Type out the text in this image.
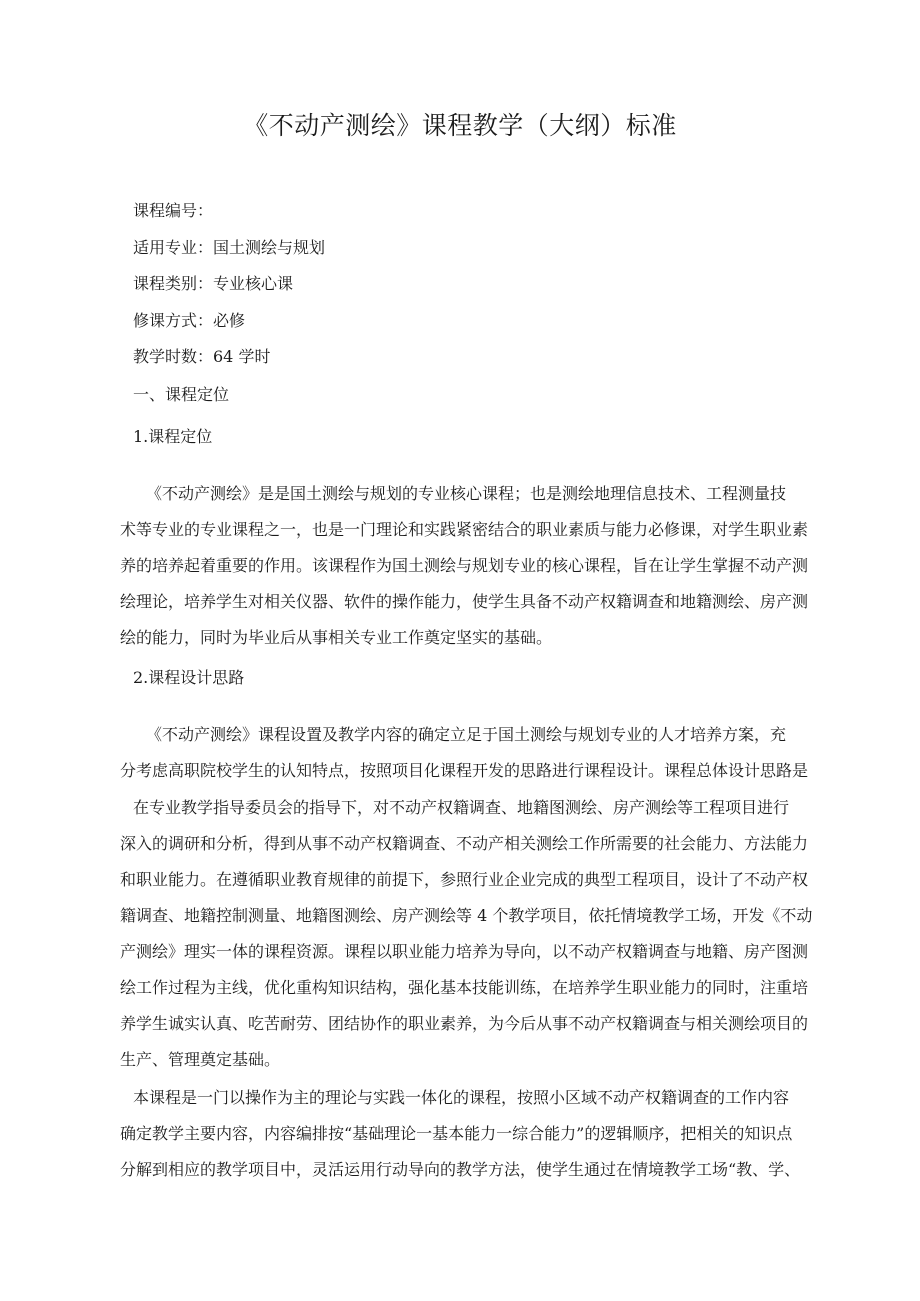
《不动产测绘》课程教学（大纲）标准
课程编号：
适用专业：国土测绘与规划
课程类别：专业核心课
修课方式：必修
教学时数：64 学时
一、课程定位
1.课程定位
《不动产测绘》是是国土测绘与规划的专业核心课程；也是测绘地理信息技术、工程测量技
术等专业的专业课程之一，也是一门理论和实践紧密结合的职业素质与能力必修课，对学生职业素
养的培养起着重要的作用。该课程作为国土测绘与规划专业的核心课程，旨在让学生掌握不动产测
绘理论，培养学生对相关仪器、软件的操作能力，使学生具备不动产权籍调查和地籍测绘、房产测
绘的能力，同时为毕业后从事相关专业工作奠定坚实的基础。
2.课程设计思路
《不动产测绘》课程设置及教学内容的确定立足于国土测绘与规划专业的人才培养方案，充
分考虑高职院校学生的认知特点，按照项目化课程开发的思路进行课程设计。课程总体设计思路是
在专业教学指导委员会的指导下，对不动产权籍调查、地籍图测绘、房产测绘等工程项目进行
深入的调研和分析，得到从事不动产权籍调查、不动产相关测绘工作所需要的社会能力、方法能力
和职业能力。在遵循职业教育规律的前提下，参照行业企业完成的典型工程项目，设计了不动产权
籍调查、地籍控制测量、地籍图测绘、房产测绘等 4 个教学项目，依托情境教学工场，开发《不动
产测绘》理实一体的课程资源。课程以职业能力培养为导向，以不动产权籍调查与地籍、房产图测
绘工作过程为主线，优化重构知识结构，强化基本技能训练，在培养学生职业能力的同时，注重培
养学生诚实认真、吃苦耐劳、团结协作的职业素养，为今后从事不动产权籍调查与相关测绘项目的
生产、管理奠定基础。
本课程是一门以操作为主的理论与实践一体化的课程，按照小区域不动产权籍调查的工作内容
确定教学主要内容，内容编排按“基础理论一基本能力一综合能力”的逻辑顺序，把相关的知识点
分解到相应的教学项目中，灵活运用行动导向的教学方法，使学生通过在情境教学工场“教、学、
